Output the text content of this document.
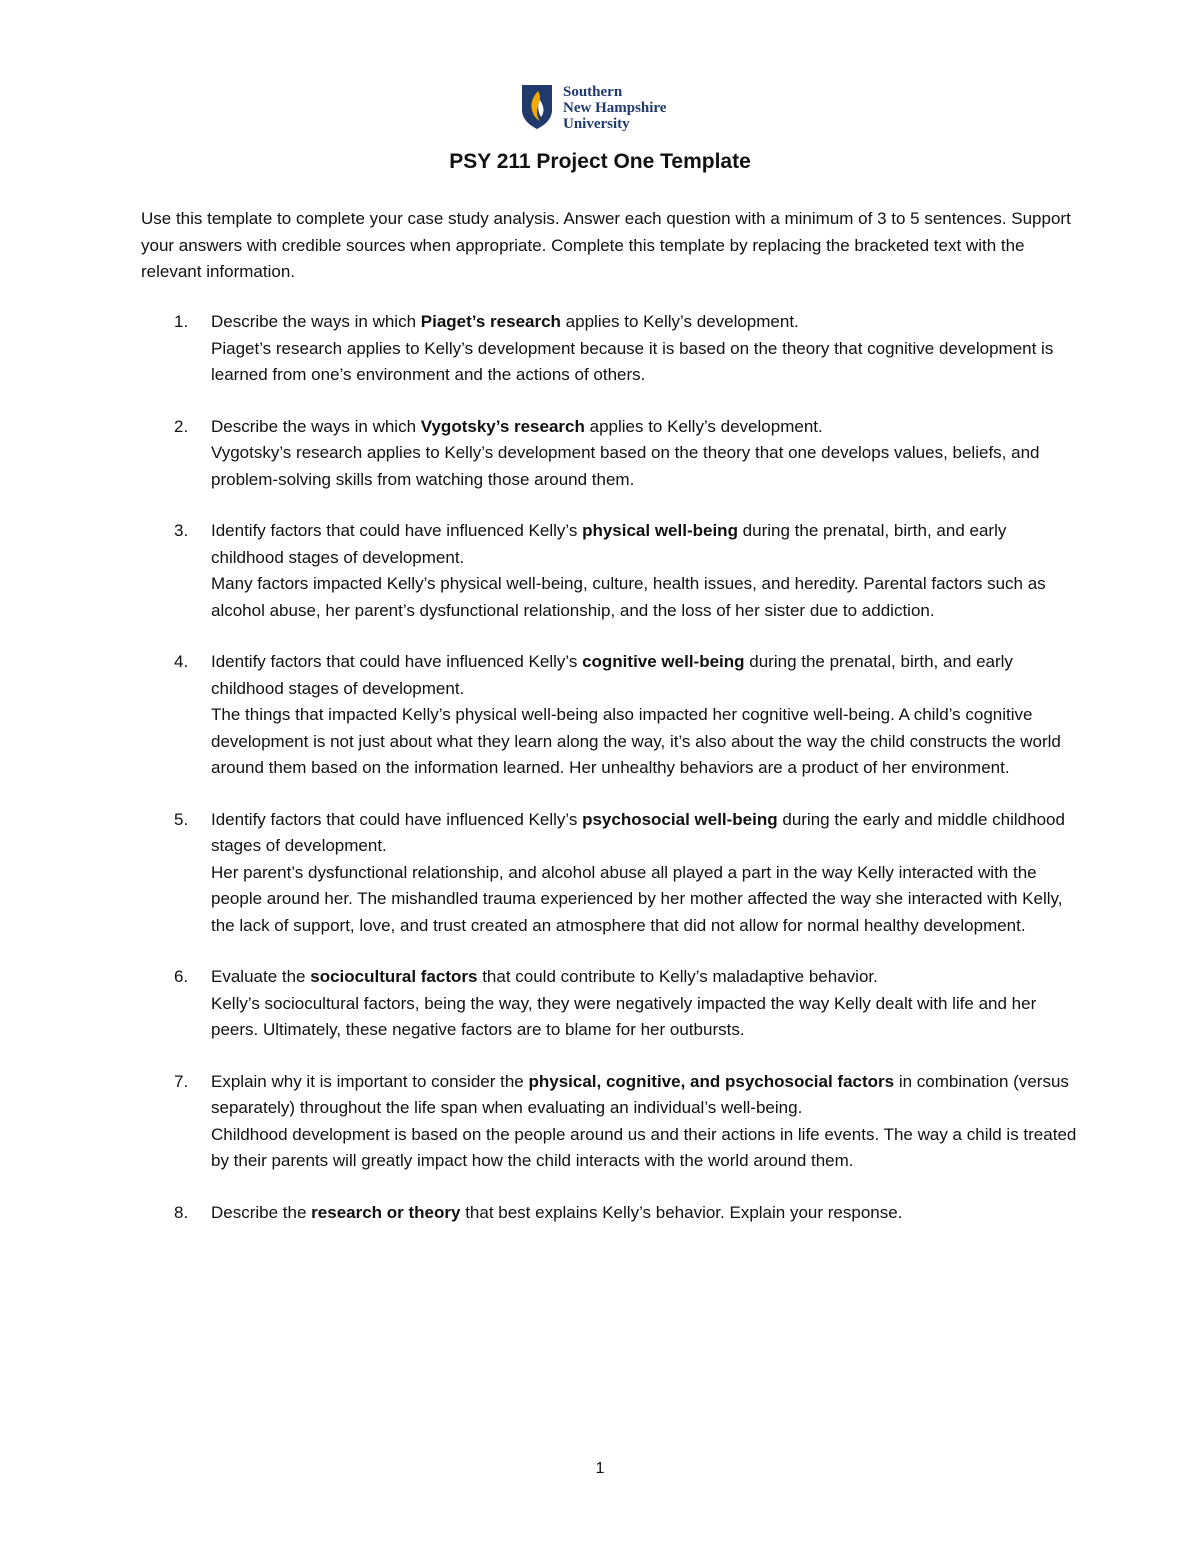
Southern
New Hampshire
University
PSY 211 Project One Template
Use this template to complete your case study analysis. Answer each question with a minimum of 3 to 5 sentences. Support your answers with credible sources when appropriate. Complete this template by replacing the bracketed text with the relevant information.
1. Describe the ways in which Piaget’s research applies to Kelly’s development.
Piaget’s research applies to Kelly’s development because it is based on the theory that cognitive development is learned from one’s environment and the actions of others.
2. Describe the ways in which Vygotsky’s research applies to Kelly’s development.
Vygotsky’s research applies to Kelly’s development based on the theory that one develops values, beliefs, and problem-solving skills from watching those around them.
3. Identify factors that could have influenced Kelly’s physical well-being during the prenatal, birth, and early childhood stages of development.
Many factors impacted Kelly’s physical well-being, culture, health issues, and heredity. Parental factors such as alcohol abuse, her parent’s dysfunctional relationship, and the loss of her sister due to addiction.
4. Identify factors that could have influenced Kelly’s cognitive well-being during the prenatal, birth, and early childhood stages of development.
The things that impacted Kelly’s physical well-being also impacted her cognitive well-being. A child’s cognitive development is not just about what they learn along the way, it’s also about the way the child constructs the world around them based on the information learned. Her unhealthy behaviors are a product of her environment.
5. Identify factors that could have influenced Kelly’s psychosocial well-being during the early and middle childhood stages of development.
Her parent’s dysfunctional relationship, and alcohol abuse all played a part in the way Kelly interacted with the people around her. The mishandled trauma experienced by her mother affected the way she interacted with Kelly, the lack of support, love, and trust created an atmosphere that did not allow for normal healthy development.
6. Evaluate the sociocultural factors that could contribute to Kelly’s maladaptive behavior.
Kelly’s sociocultural factors, being the way, they were negatively impacted the way Kelly dealt with life and her peers. Ultimately, these negative factors are to blame for her outbursts.
7. Explain why it is important to consider the physical, cognitive, and psychosocial factors in combination (versus separately) throughout the life span when evaluating an individual’s well-being.
Childhood development is based on the people around us and their actions in life events. The way a child is treated by their parents will greatly impact how the child interacts with the world around them.
8. Describe the research or theory that best explains Kelly’s behavior. Explain your response.
1
